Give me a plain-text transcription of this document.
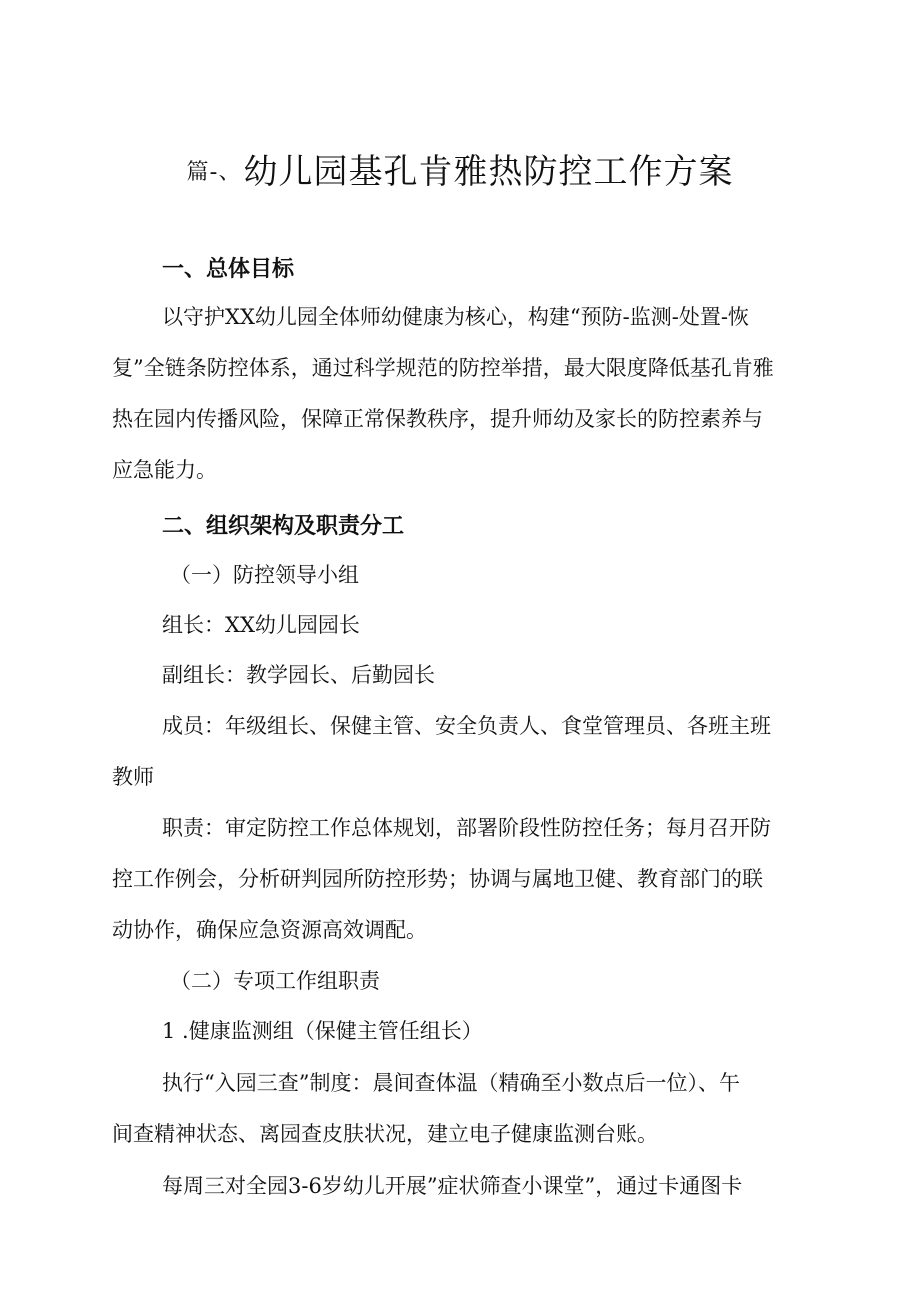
篇-、幼儿园基孔肯雅热防控工作方案
一、总体目标
以守护XX幼儿园全体师幼健康为核心，构建“预防-监测-处置-恢
复”全链条防控体系，通过科学规范的防控举措，最大限度降低基孔肯雅
热在园内传播风险，保障正常保教秩序，提升师幼及家长的防控素养与
应急能力。
二、组织架构及职责分工
（一）防控领导小组
组长：XX幼儿园园长
副组长：教学园长、后勤园长
成员：年级组长、保健主管、安全负责人、食堂管理员、各班主班
教师
职责：审定防控工作总体规划，部署阶段性防控任务；每月召开防
控工作例会，分析研判园所防控形势；协调与属地卫健、教育部门的联
动协作，确保应急资源高效调配。
（二）专项工作组职责
1 .健康监测组（保健主管任组长）
执行“入园三查”制度：晨间查体温（精确至小数点后一位）、午
间查精神状态、离园查皮肤状况，建立电子健康监测台账。
每周三对全园3-6岁幼儿开展”症状筛查小课堂”，通过卡通图卡
